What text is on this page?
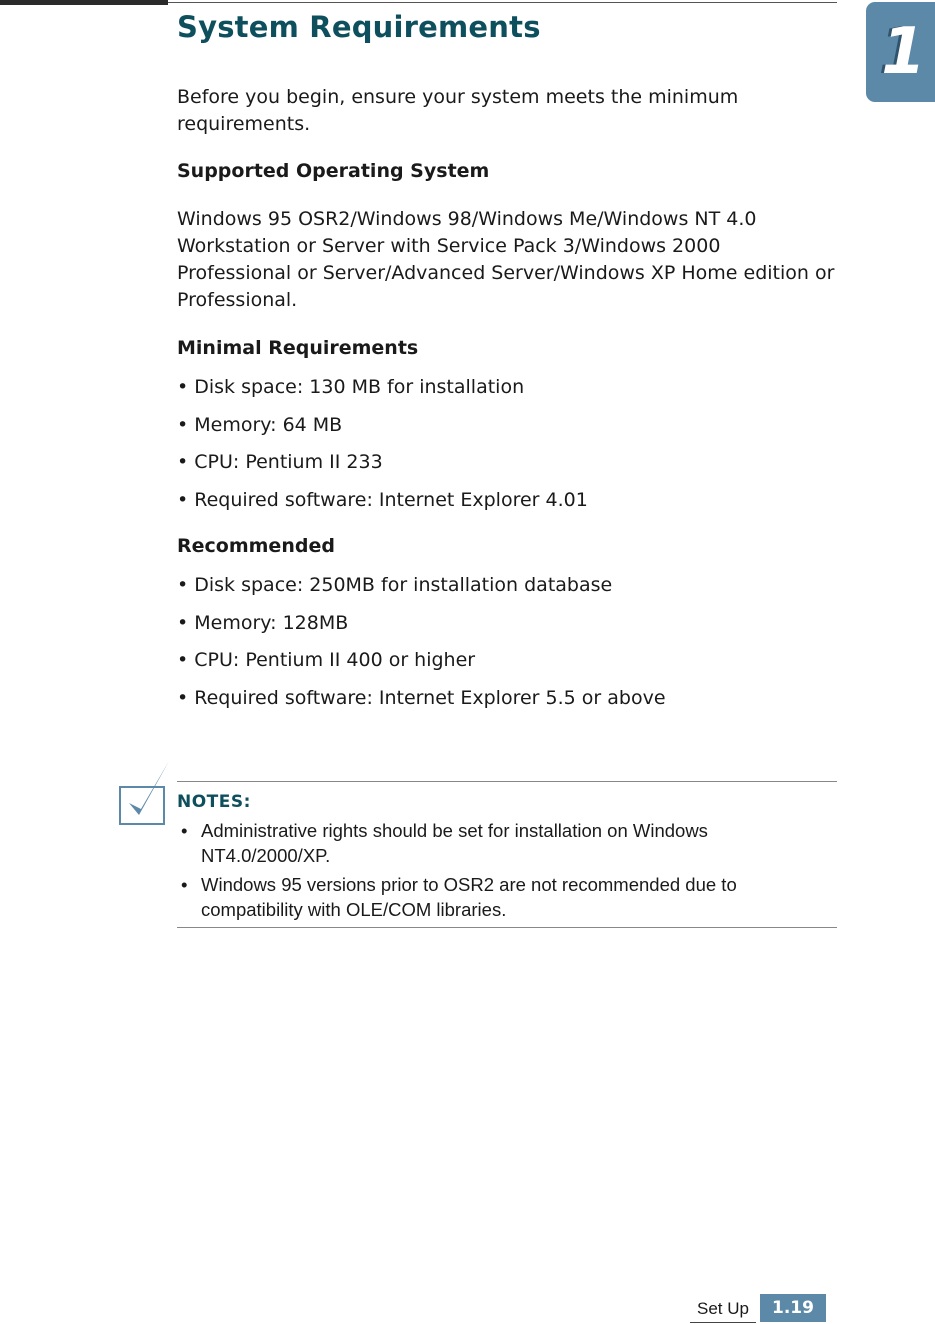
1
System Requirements

Before you begin, ensure your system meets the minimum requirements.

Supported Operating System

Windows 95 OSR2/Windows 98/Windows Me/Windows NT 4.0 Workstation or Server with Service Pack 3/Windows 2000 Professional or Server/Advanced Server/Windows XP Home edition or Professional.

Minimal Requirements
• Disk space: 130 MB for installation
• Memory: 64 MB
• CPU: Pentium II 233
• Required software: Internet Explorer 4.01
Recommended
• Disk space: 250MB for installation database
• Memory: 128MB
• CPU: Pentium II 400 or higher
• Required software: Internet Explorer 5.5 or above
NOTES:
• Administrative rights should be set for installation on Windows NT4.0/2000/XP.
• Windows 95 versions prior to OSR2 are not recommended due to compatibility with OLE/COM libraries.
Set Up	1.19
